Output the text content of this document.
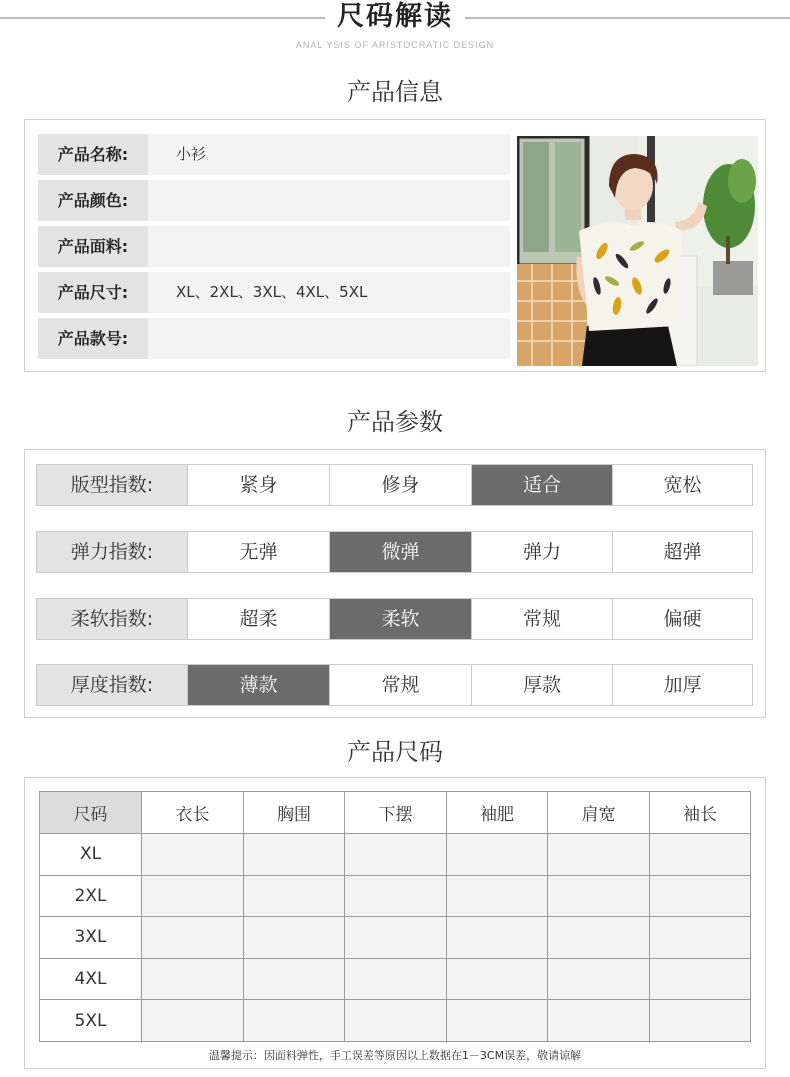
尺码解读
ANAL YSIS OF ARISTOCRATIC DESIGN
产品信息
产品名称:	小衫
产品颜色:
产品面料:
产品尺寸:	XL、2XL、3XL、4XL、5XL
产品款号:
产品参数
版型指数:	紧身	修身	适合	宽松
弹力指数:	无弹	微弹	弹力	超弹
柔软指数:	超柔	柔软	常规	偏硬
厚度指数:	薄款	常规	厚款	加厚
产品尺码
尺码	衣长	胸围	下摆	袖肥	肩宽	袖长
XL						
2XL						
3XL						
4XL						
5XL						
温馨提示：因面料弹性，手工误差等原因以上数据在1－3CM误差，敬请谅解
